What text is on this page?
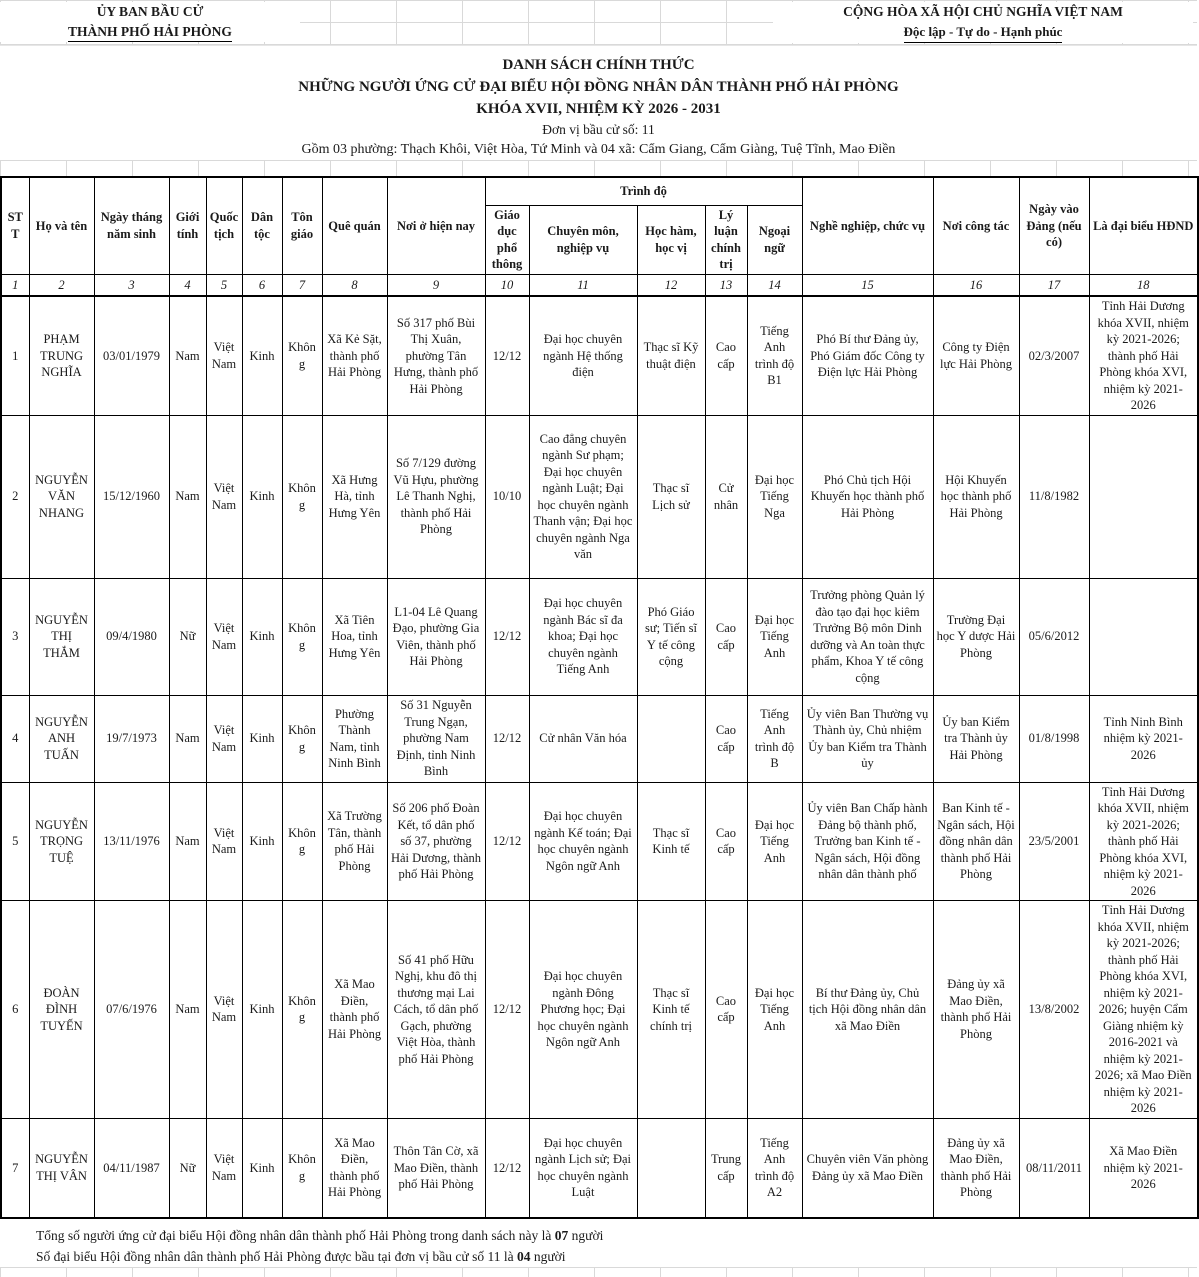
ỦY BAN BẦU CỬ
THÀNH PHỐ HẢI PHÒNG
CỘNG HÒA XÃ HỘI CHỦ NGHĨA VIỆT NAM
Độc lập - Tự do - Hạnh phúc
DANH SÁCH CHÍNH THỨC
NHỮNG NGƯỜI ỨNG CỬ ĐẠI BIỂU HỘI ĐỒNG NHÂN DÂN THÀNH PHỐ HẢI PHÒNG
KHÓA XVII, NHIỆM KỲ 2026 - 2031
Đơn vị bầu cử số: 11
Gồm 03 phường: Thạch Khôi, Việt Hòa, Tứ Minh và 04 xã: Cẩm Giang, Cẩm Giàng, Tuệ Tĩnh, Mao Điền
STT	Họ và tên	Ngày tháng năm sinh	Giới tính	Quốc tịch	Dân tộc	Tôn giáo	Quê quán	Nơi ở hiện nay	Trình độ					Nghề nghiệp, chức vụ	Nơi công tác	Ngày vào Đảng (nếu có)	Là đại biểu HĐND
									Giáo dục phổ thông	Chuyên môn, nghiệp vụ	Học hàm, học vị	Lý luận chính trị	Ngoại ngữ				
1	2	3	4	5	6	7	8	9	10	11	12	13	14	15	16	17	18
1	PHẠM TRUNG NGHĨA	03/01/1979	Nam	Việt Nam	Kinh	Không	Xã Kẻ Sặt, thành phố Hải Phòng	Số 317 phố Bùi Thị Xuân, phường Tân Hưng, thành phố Hải Phòng	12/12	Đại học chuyên ngành Hệ thống điện	Thạc sĩ Kỹ thuật điện	Cao cấp	Tiếng Anh trình độ B1	Phó Bí thư Đảng ủy, Phó Giám đốc Công ty Điện lực Hải Phòng	Công ty Điện lực Hải Phòng	02/3/2007	Tỉnh Hải Dương khóa XVII, nhiệm kỳ 2021-2026; thành phố Hải Phòng khóa XVI, nhiệm kỳ 2021-2026
2	NGUYỄN VĂN NHANG	15/12/1960	Nam	Việt Nam	Kinh	Không	Xã Hưng Hà, tỉnh Hưng Yên	Số 7/129 đường Vũ Hựu, phường Lê Thanh Nghị, thành phố Hải Phòng	10/10	Cao đẳng chuyên ngành Sư phạm; Đại học chuyên ngành Luật; Đại học chuyên ngành Thanh vận; Đại học chuyên ngành Nga văn	Thạc sĩ Lịch sử	Cử nhân	Đại học Tiếng Nga	Phó Chủ tịch Hội Khuyến học thành phố Hải Phòng	Hội Khuyến học thành phố Hải Phòng	11/8/1982	
3	NGUYỄN THỊ THẮM	09/4/1980	Nữ	Việt Nam	Kinh	Không	Xã Tiên Hoa, tỉnh Hưng Yên	L1-04 Lê Quang Đạo, phường Gia Viên, thành phố Hải Phòng	12/12	Đại học chuyên ngành Bác sĩ đa khoa; Đại học chuyên ngành Tiếng Anh	Phó Giáo sư; Tiến sĩ Y tế công cộng	Cao cấp	Đại học Tiếng Anh	Trưởng phòng Quản lý đào tạo đại học kiêm Trưởng Bộ môn Dinh dưỡng và An toàn thực phẩm, Khoa Y tế công cộng	Trường Đại học Y dược Hải Phòng	05/6/2012	
4	NGUYỄN ANH TUẤN	19/7/1973	Nam	Việt Nam	Kinh	Không	Phường Thành Nam, tỉnh Ninh Bình	Số 31 Nguyễn Trung Ngạn, phường Nam Định, tỉnh Ninh Bình	12/12	Cử nhân Văn hóa		Cao cấp	Tiếng Anh trình độ B	Ủy viên Ban Thường vụ Thành ủy, Chủ nhiệm Ủy ban Kiểm tra Thành ủy	Ủy ban Kiểm tra Thành ủy Hải Phòng	01/8/1998	Tỉnh Ninh Bình nhiệm kỳ 2021-2026
5	NGUYỄN TRỌNG TUỆ	13/11/1976	Nam	Việt Nam	Kinh	Không	Xã Trường Tân, thành phố Hải Phòng	Số 206 phố Đoàn Kết, tổ dân phố số 37, phường Hải Dương, thành phố Hải Phòng	12/12	Đại học chuyên ngành Kế toán; Đại học chuyên ngành Ngôn ngữ Anh	Thạc sĩ Kinh tế	Cao cấp	Đại học Tiếng Anh	Ủy viên Ban Chấp hành Đảng bộ thành phố, Trưởng ban Kinh tế - Ngân sách, Hội đồng nhân dân thành phố	Ban Kinh tế - Ngân sách, Hội đồng nhân dân thành phố Hải Phòng	23/5/2001	Tỉnh Hải Dương khóa XVII, nhiệm kỳ 2021-2026; thành phố Hải Phòng khóa XVI, nhiệm kỳ 2021-2026
6	ĐOÀN ĐÌNH TUYẾN	07/6/1976	Nam	Việt Nam	Kinh	Không	Xã Mao Điền, thành phố Hải Phòng	Số 41 phố Hữu Nghị, khu đô thị thương mại Lai Cách, tổ dân phố Gạch, phường Việt Hòa, thành phố Hải Phòng	12/12	Đại học chuyên ngành Đông Phương học; Đại học chuyên ngành Ngôn ngữ Anh	Thạc sĩ Kinh tế chính trị	Cao cấp	Đại học Tiếng Anh	Bí thư Đảng ủy, Chủ tịch Hội đồng nhân dân xã Mao Điền	Đảng ủy xã Mao Điền, thành phố Hải Phòng	13/8/2002	Tỉnh Hải Dương khóa XVII, nhiệm kỳ 2021-2026; thành phố Hải Phòng khóa XVI, nhiệm kỳ 2021-2026; huyện Cẩm Giàng nhiệm kỳ 2016-2021 và nhiệm kỳ 2021-2026; xã Mao Điền nhiệm kỳ 2021-2026
7	NGUYỄN THỊ VÂN	04/11/1987	Nữ	Việt Nam	Kinh	Không	Xã Mao Điền, thành phố Hải Phòng	Thôn Tân Cờ, xã Mao Điền, thành phố Hải Phòng	12/12	Đại học chuyên ngành Lịch sử; Đại học chuyên ngành Luật		Trung cấp	Tiếng Anh trình độ A2	Chuyên viên Văn phòng Đảng ủy xã Mao Điền	Đảng ủy xã Mao Điền, thành phố Hải Phòng	08/11/2011	Xã Mao Điền nhiệm kỳ 2021-2026
Tổng số người ứng cử đại biểu Hội đồng nhân dân thành phố Hải Phòng trong danh sách này là 07 người
Số đại biểu Hội đồng nhân dân thành phố Hải Phòng được bầu tại đơn vị bầu cử số 11 là 04 người
